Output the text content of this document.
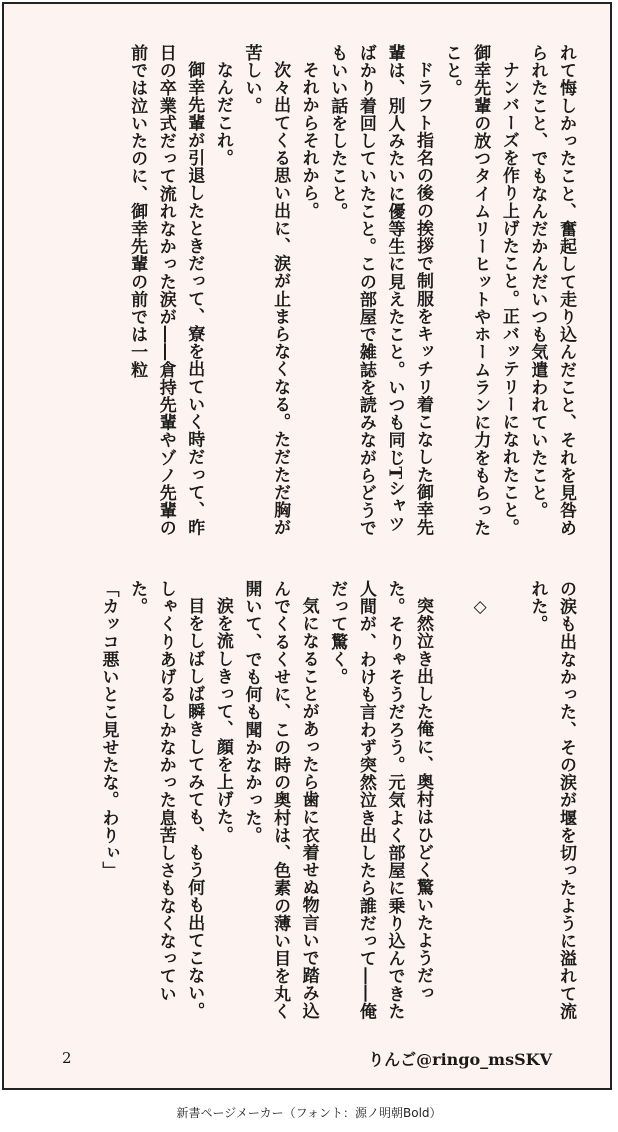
れて悔しかったこと、奮起して走り込んだこと、それを見咎められたこと、でもなんだかんだいつも気遣われていたこと。

ナンバーズを作り上げたこと。正バッテリーになれたこと。御幸先輩の放つタイムリーヒットやホームランに力をもらったこと。

ドラフト指名の後の挨拶で制服をキッチリ着こなした御幸先輩は、別人みたいに優等生に見えたこと。いつも同じTシャツばかり着回していたこと。この部屋で雑誌を読みながらどうでもいい話をしたこと。

それからそれから。

次々出てくる思い出に、涙が止まらなくなる。ただただ胸が苦しい。

なんだこれ。

御幸先輩が引退したときだって、寮を出ていく時だって、昨日の卒業式だって流れなかった涙が――倉持先輩やゾノ先輩の前では泣いたのに、御幸先輩の前では一粒

の涙も出なかった、その涙が堰を切ったように溢れて流れた。

◇

突然泣き出した俺に、奥村はひどく驚いたようだった。そりゃそうだろう。元気よく部屋に乗り込んできた人間が、わけも言わず突然泣き出したら誰だって――俺だって驚く。

気になることがあったら歯に衣着せぬ物言いで踏み込んでくるくせに、この時の奥村は、色素の薄い目を丸く開いて、でも何も聞かなかった。

涙を流しきって、顔を上げた。

目をしばしば瞬きしてみても、もう何も出てこない。しゃくりあげるしかなかった息苦しさもなくなっていた。

「カッコ悪いとこ見せたな。わりぃ」

2	りんご@ringo_msSKV
新書ページメーカー（フォント：源ノ明朝Bold）
